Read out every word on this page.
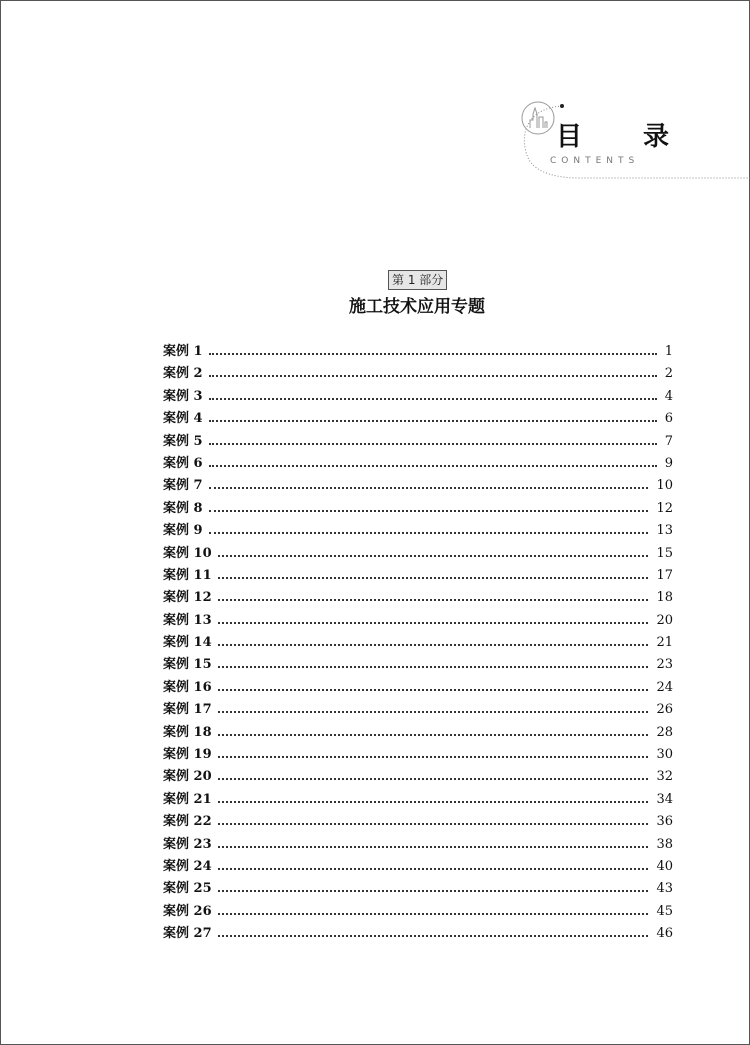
目 录
CONTENTS
第 1 部分
施工技术应用专题
案例 1	1
案例 2	2
案例 3	4
案例 4	6
案例 5	7
案例 6	9
案例 7	10
案例 8	12
案例 9	13
案例 10	15
案例 11	17
案例 12	18
案例 13	20
案例 14	21
案例 15	23
案例 16	24
案例 17	26
案例 18	28
案例 19	30
案例 20	32
案例 21	34
案例 22	36
案例 23	38
案例 24	40
案例 25	43
案例 26	45
案例 27	46
